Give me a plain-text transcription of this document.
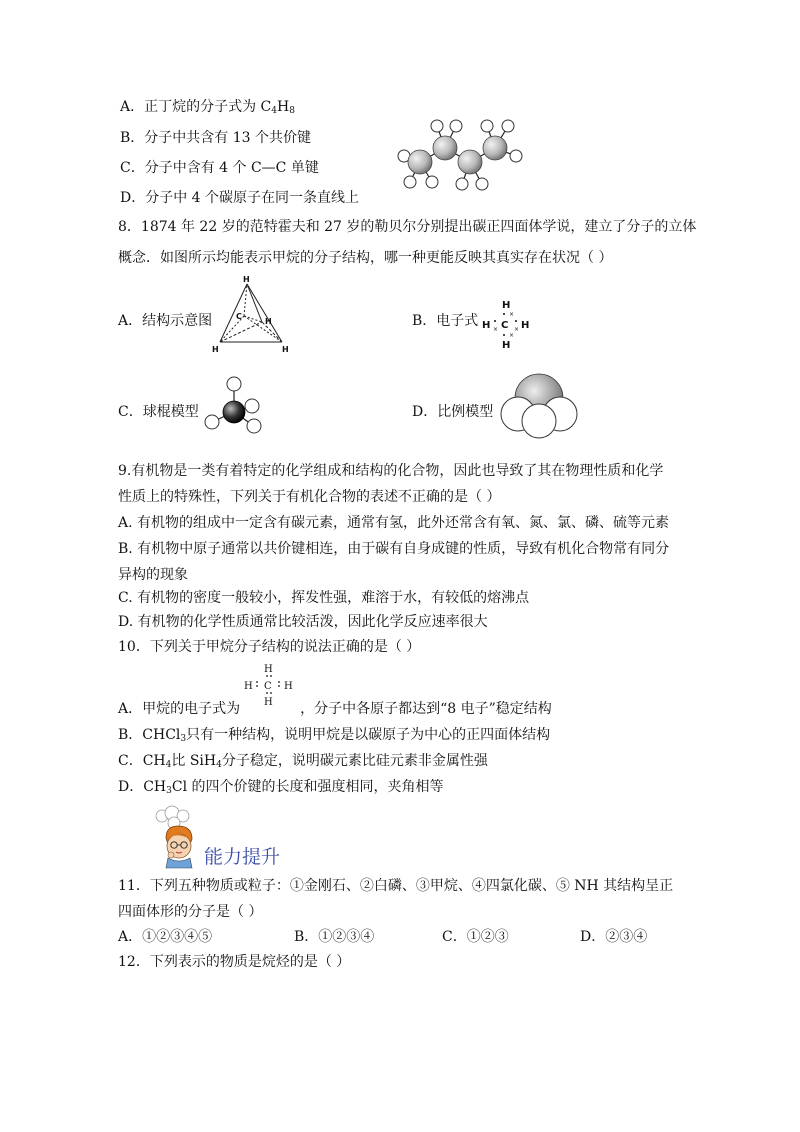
A．正丁烷的分子式为 $C_4H_8$
B．分子中共含有 13 个共价键
C．分子中含有 4 个 C—C 单键
D．分子中 4 个碳原子在同一条直线上
8．1874 年 22 岁的范特霍夫和 27 岁的勒贝尔分别提出碳正四面体学说，建立了分子的立体
概念．如图所示均能表示甲烷的分子结构，哪一种更能反映其真实存在状况（ ）
A．结构示意图
H
C
H
H	H
B．电子式
H
H C H
H
×
×	×
×
C．球棍模型	D．比例模型
9.有机物是一类有着特定的化学组成和结构的化合物，因此也导致了其在物理性质和化学
性质上的特殊性，下列关于有机化合物的表述不正确的是（ ）
A. 有机物的组成中一定含有碳元素，通常有氢，此外还常含有氧、氮、氯、磷、硫等元素
B. 有机物中原子通常以共价键相连，由于碳有自身成键的性质，导致有机化合物常有同分
异构的现象
C. 有机物的密度一般较小，挥发性强，难溶于水，有较低的熔沸点
D. 有机物的化学性质通常比较活泼，因此化学反应速率很大
10．下列关于甲烷分子结构的说法正确的是（ ）
H
H C H
H
A．甲烷的电子式为	，分子中各原子都达到“8 电子”稳定结构
B．CHCl$_3$只有一种结构，说明甲烷是以碳原子为中心的正四面体结构
C．$CH_4$比 SiH$_4$分子稳定，说明碳元素比硅元素非金属性强
D．$CH_3Cl$ 的四个价键的长度和强度相同，夹角相等
能力提升
11．下列五种物质或粒子：①金刚石、②白磷、③甲烷、④四氯化碳、⑤ NH 其结构呈正
四面体形的分子是（ ）
A．①②③④⑤	B．①②③④	C．①②③	D．②③④
12．下列表示的物质是烷烃的是（ ）
